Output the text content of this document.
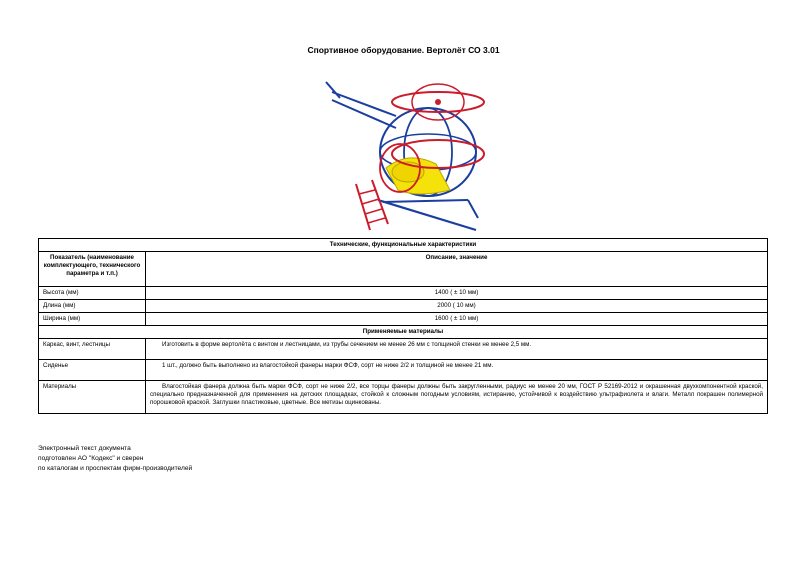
Спортивное оборудование. Вертолёт СО 3.01
Технические, функциональные характеристики	
Показатель (наименование комплектующего, технического параметра и т.п.)	Описание, значение
Высота (мм)	1400 ( ± 10 мм)
Длина (мм)	2000 ( 10 мм)
Ширина (мм)	1600 ( ± 10 мм)
Применяемые материалы	
Каркас, винт, лестницы	Изготовить в форме вертолёта с винтом и лестницами, из трубы сечением не менее 26 мм с толщиной стенки не менее 2,5 мм.
Сиденье	1 шт., должно быть выполнено из влагостойкой фанеры марки ФСФ, сорт не ниже 2/2 и толщиной не менее 21 мм.
Материалы	Влагостойкая фанера должна быть марки ФСФ, сорт не ниже 2/2, все торцы фанеры должны быть закругленными, радиус не менее 20 мм, ГОСТ Р 52169-2012 и окрашенная двухкомпонентной краской, специально предназначенной для применения на детских площадках, стойкой к сложным погодным условиям, истиранию, устойчивой к воздействию ультрафиолета и влаги. Металл покрашен полимерной порошковой краской. Заглушки пластиковые, цветные. Все метизы оцинкованы.
Электронный текст документа
подготовлен АО "Кодекс" и сверен
по каталогам и проспектам фирм-производителей
